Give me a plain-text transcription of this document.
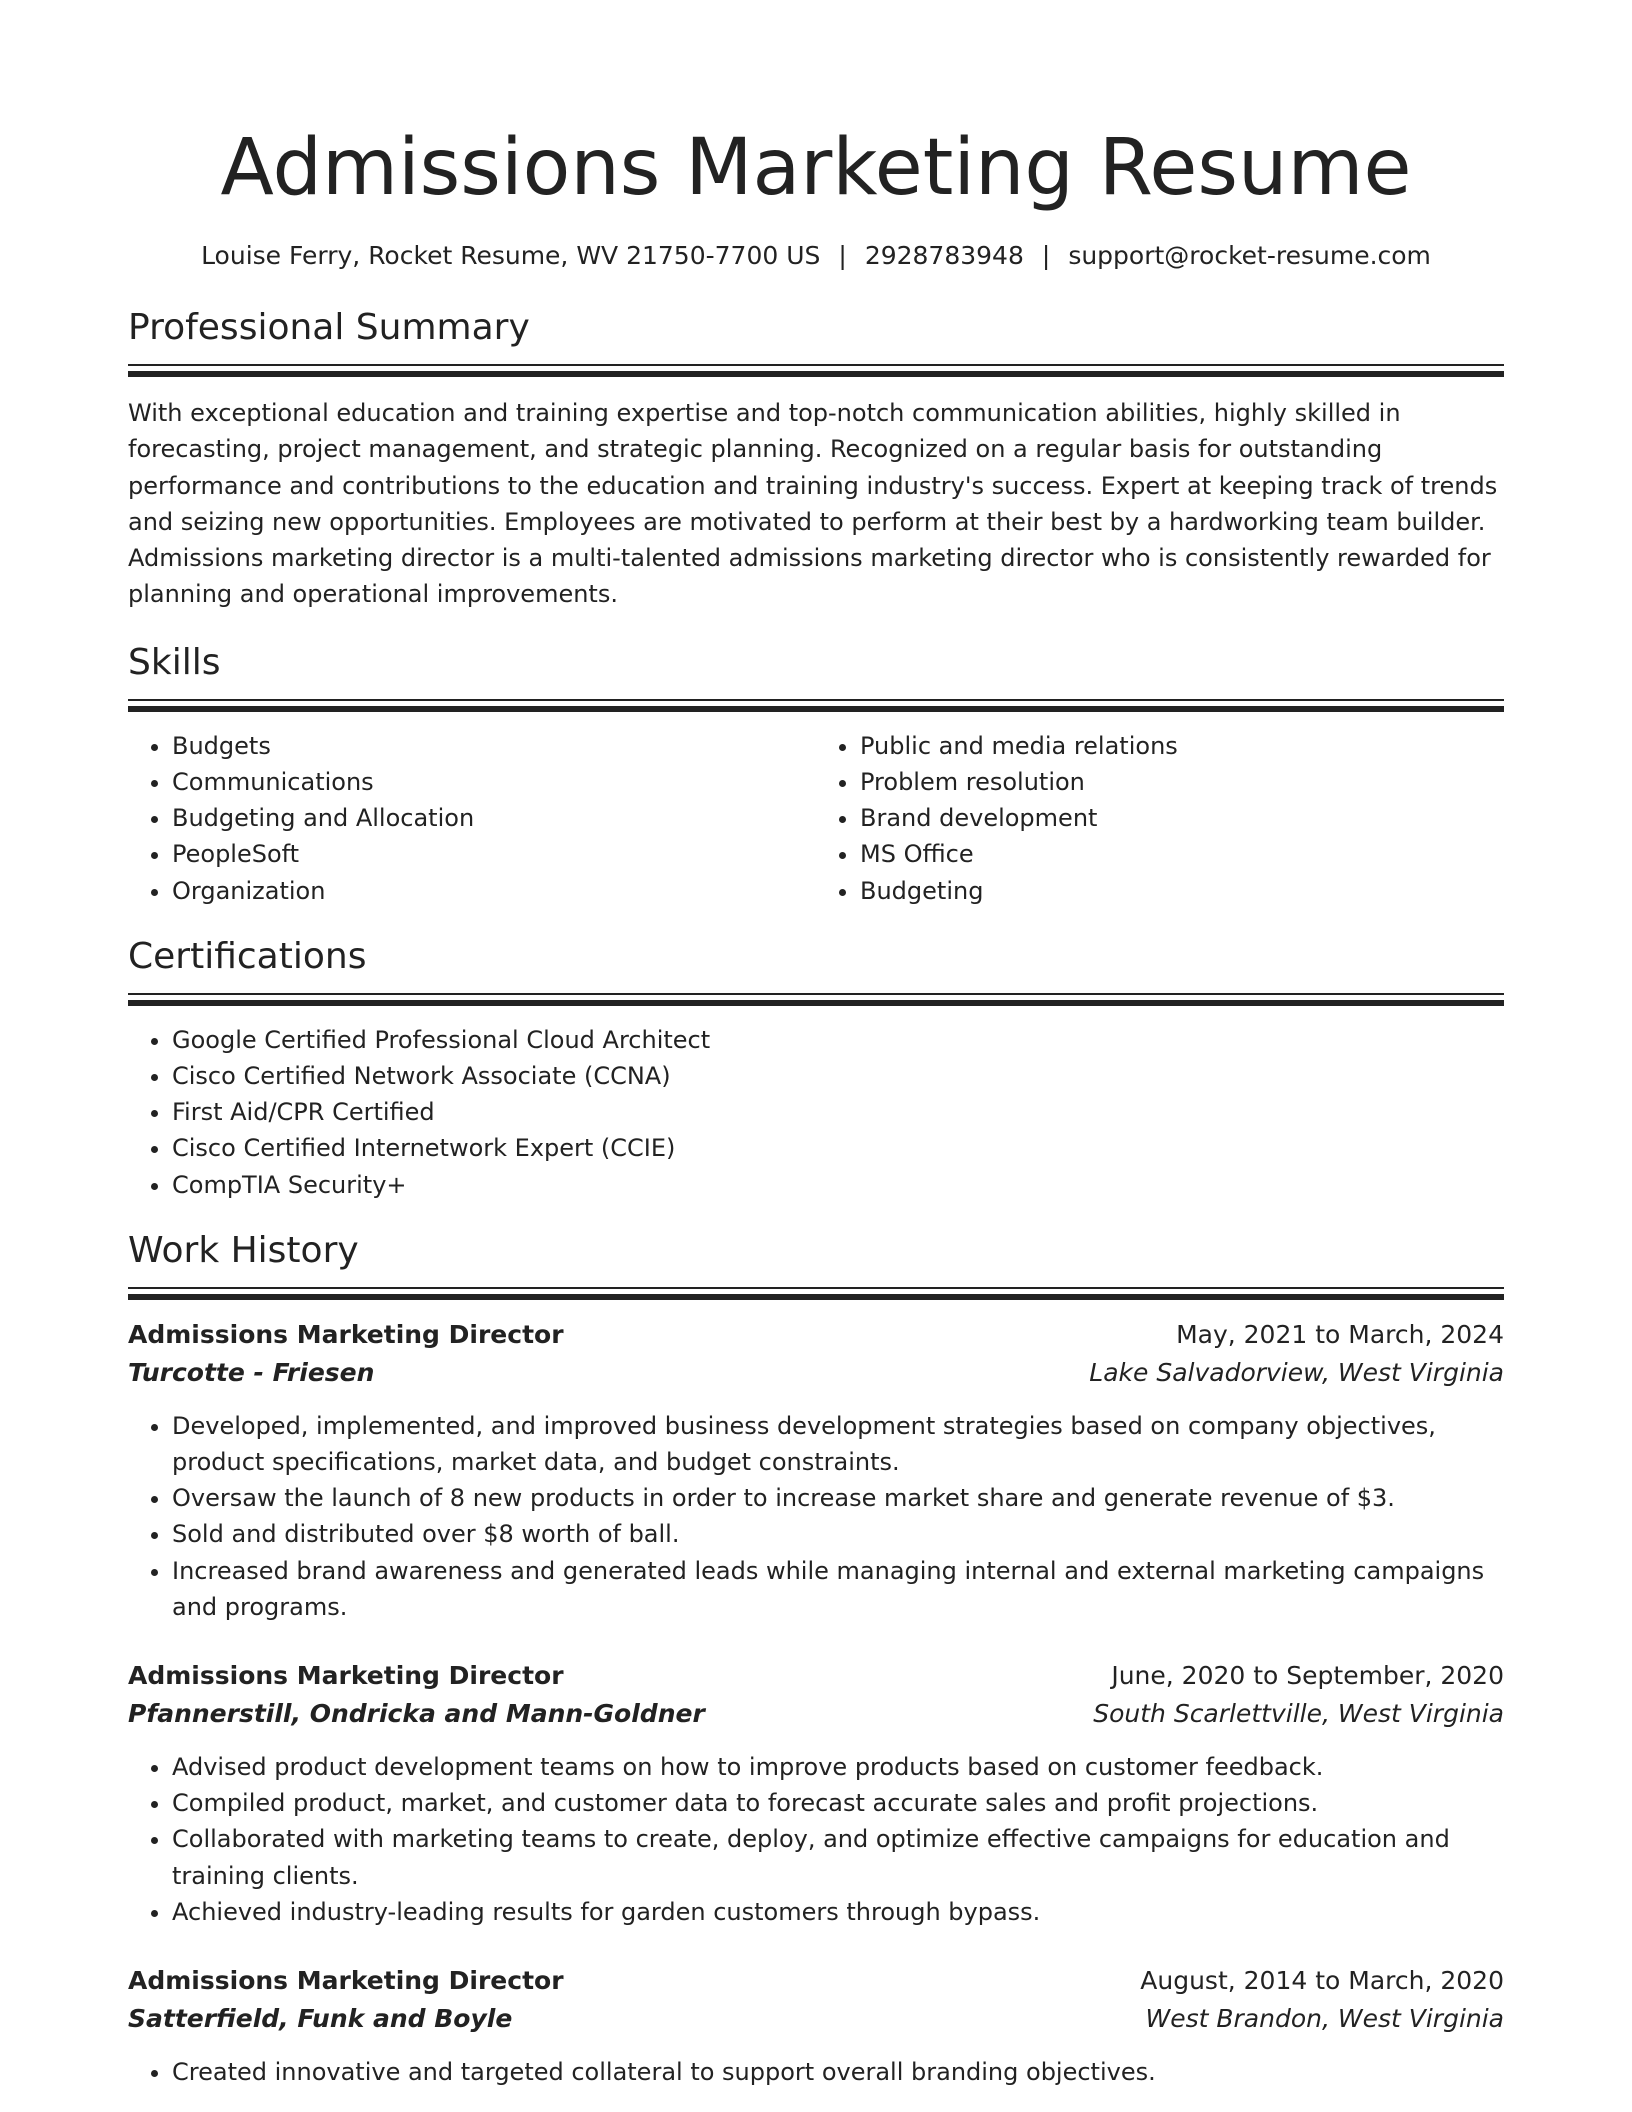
Admissions Marketing Resume
Louise Ferry, Rocket Resume, WV 21750-7700 US | 2928783948 | support@rocket-resume.com
Professional Summary

With exceptional education and training expertise and top-notch communication abilities, highly skilled in forecasting, project management, and strategic planning. Recognized on a regular basis for outstanding performance and contributions to the education and training industry's success. Expert at keeping track of trends and seizing new opportunities. Employees are motivated to perform at their best by a hardworking team builder. Admissions marketing director is a multi-talented admissions marketing director who is consistently rewarded for planning and operational improvements.

Skills
• Budgets
• Communications
• Budgeting and Allocation
• PeopleSoft
• Organization
• Public and media relations
• Problem resolution
• Brand development
• MS Office
• Budgeting
Certifications
• Google Certified Professional Cloud Architect
• Cisco Certified Network Associate (CCNA)
• First Aid/CPR Certified
• Cisco Certified Internetwork Expert (CCIE)
• CompTIA Security+
Work History
Admissions Marketing Director	May, 2021 to March, 2024
Turcotte - Friesen	Lake Salvadorview, West Virginia
• Developed, implemented, and improved business development strategies based on company objectives, product specifications, market data, and budget constraints.
• Oversaw the launch of 8 new products in order to increase market share and generate revenue of $3.
• Sold and distributed over $8 worth of ball.
• Increased brand awareness and generated leads while managing internal and external marketing campaigns and programs.
Admissions Marketing Director	June, 2020 to September, 2020
Pfannerstill, Ondricka and Mann-Goldner	South Scarlettville, West Virginia
• Advised product development teams on how to improve products based on customer feedback.
• Compiled product, market, and customer data to forecast accurate sales and profit projections.
• Collaborated with marketing teams to create, deploy, and optimize effective campaigns for education and training clients.
• Achieved industry-leading results for garden customers through bypass.
Admissions Marketing Director	August, 2014 to March, 2020
Satterfield, Funk and Boyle	West Brandon, West Virginia
• Created innovative and targeted collateral to support overall branding objectives.
